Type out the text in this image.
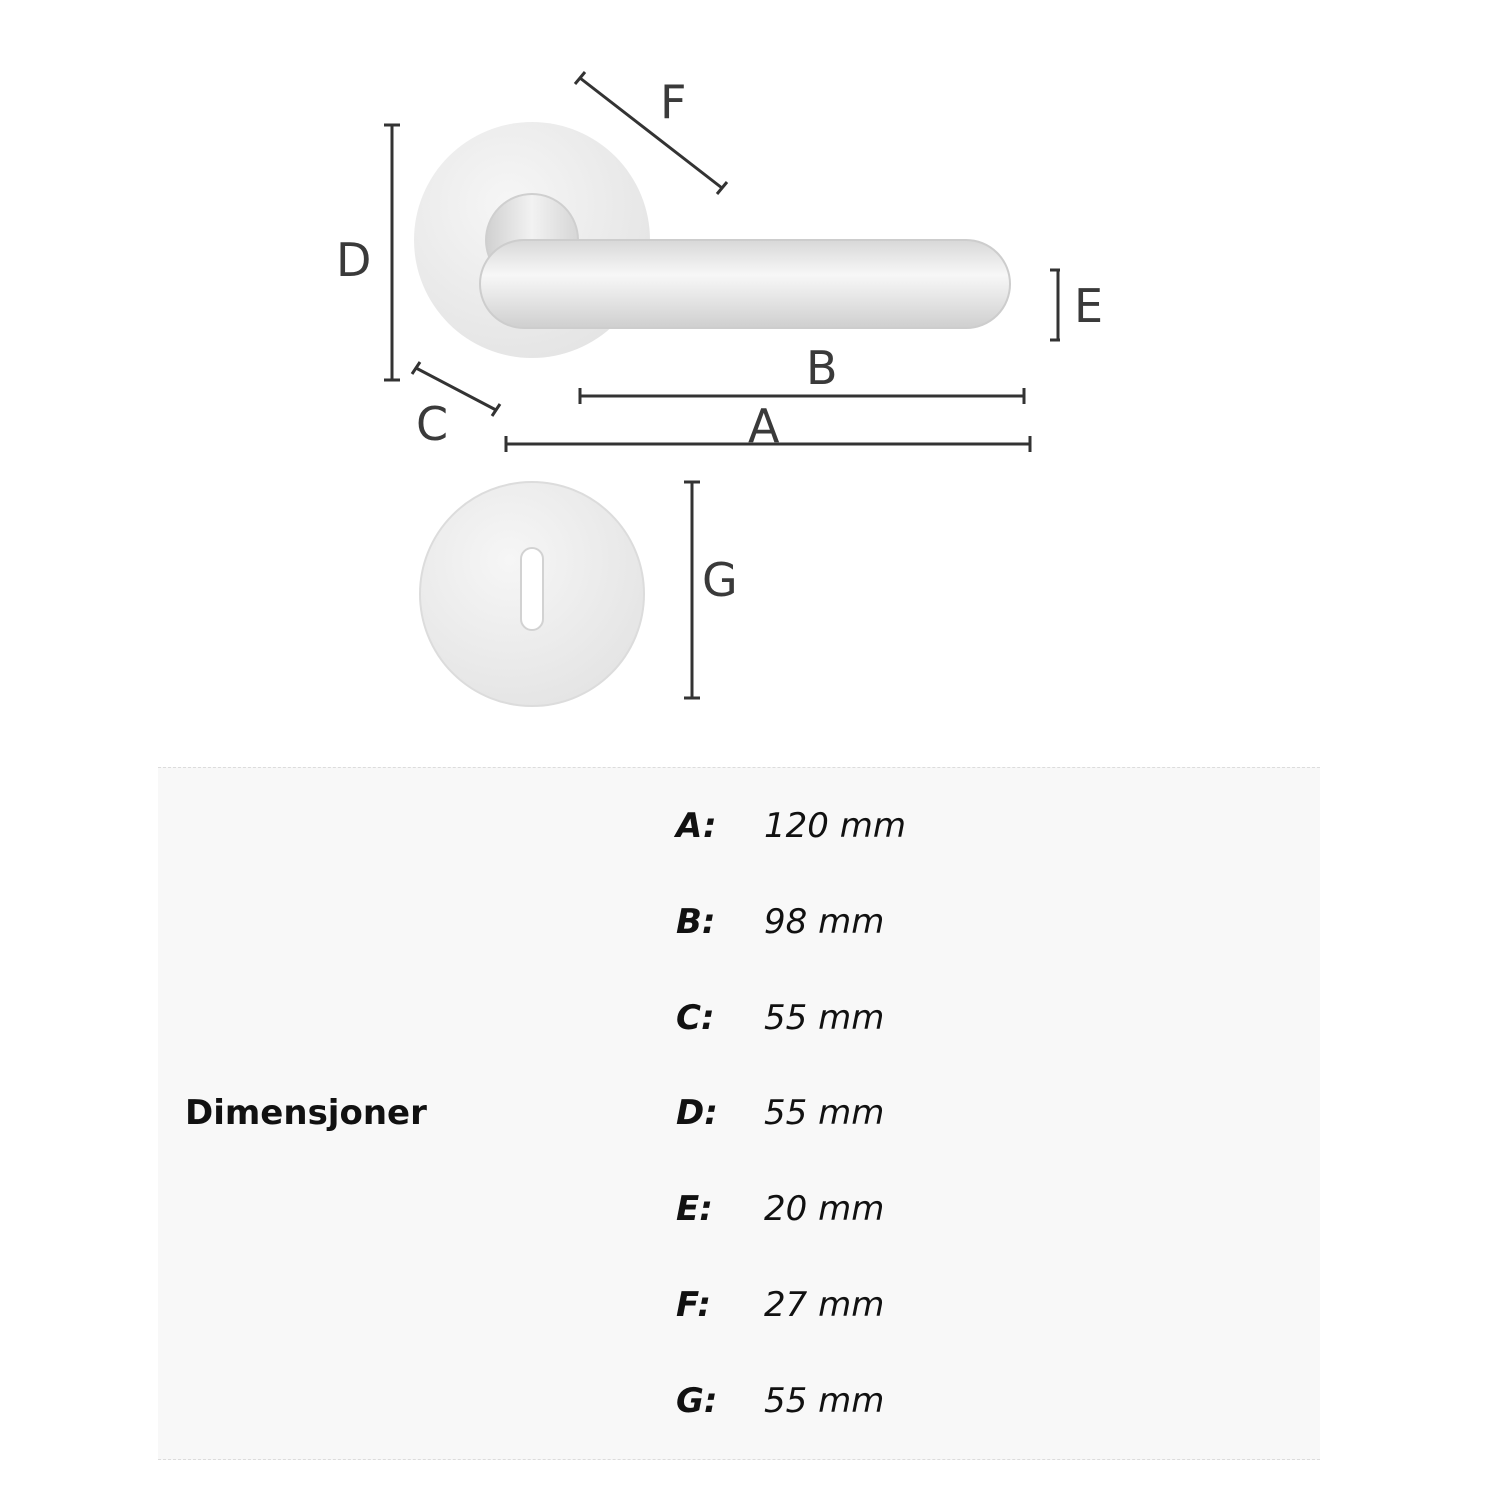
F
D
E
B
C	A
G
Dimensjoner
A:	120 mm
B:	98 mm
C:	55 mm
D:	55 mm
E:	20 mm
F:	27 mm
G:	55 mm
